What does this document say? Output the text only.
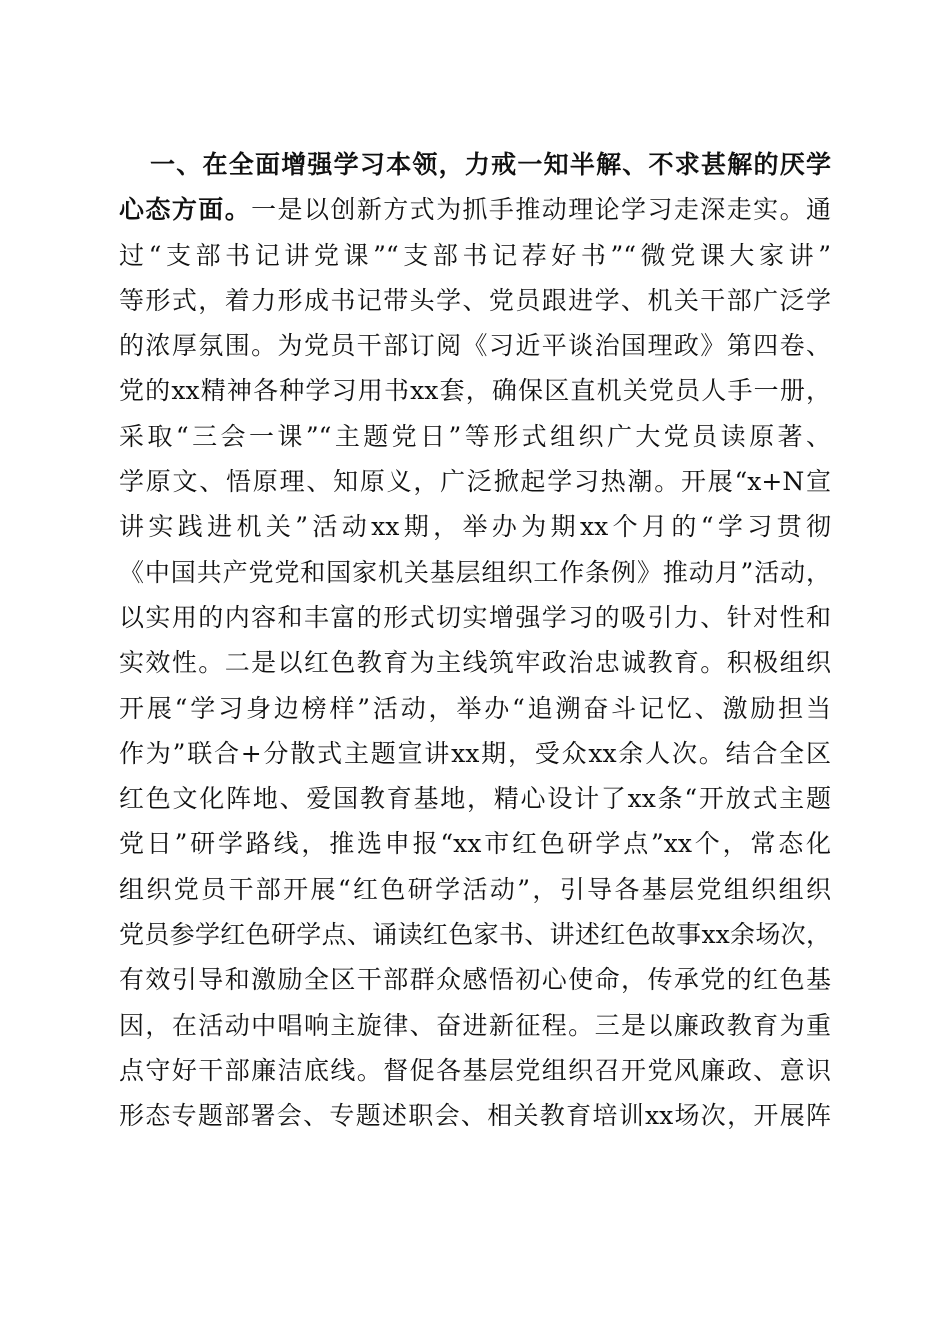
一、在全面增强学习本领，力戒一知半解、不求甚解的厌学
心态方面。一是以创新方式为抓手推动理论学习走深走实。通
过“支部书记讲党课”“支部书记荐好书”“微党课大家讲”
等形式，着力形成书记带头学、党员跟进学、机关干部广泛学
的浓厚氛围。为党员干部订阅《习近平谈治国理政》第四卷、
党的xx精神各种学习用书xx套，确保区直机关党员人手一册，
采取“三会一课”“主题党日”等形式组织广大党员读原著、
学原文、悟原理、知原义，广泛掀起学习热潮。开展“x+N宣
讲实践进机关”活动xx期，举办为期xx个月的“学习贯彻
《中国共产党党和国家机关基层组织工作条例》推动月”活动，
以实用的内容和丰富的形式切实增强学习的吸引力、针对性和
实效性。二是以红色教育为主线筑牢政治忠诚教育。积极组织
开展“学习身边榜样”活动，举办“追溯奋斗记忆、激励担当
作为”联合+分散式主题宣讲xx期，受众xx余人次。结合全区
红色文化阵地、爱国教育基地，精心设计了xx条“开放式主题
党日”研学路线，推选申报“xx市红色研学点”xx个，常态化
组织党员干部开展“红色研学活动”，引导各基层党组织组织
党员参学红色研学点、诵读红色家书、讲述红色故事xx余场次，
有效引导和激励全区干部群众感悟初心使命，传承党的红色基
因，在活动中唱响主旋律、奋进新征程。三是以廉政教育为重
点守好干部廉洁底线。督促各基层党组织召开党风廉政、意识
形态专题部署会、专题述职会、相关教育培训xx场次，开展阵
